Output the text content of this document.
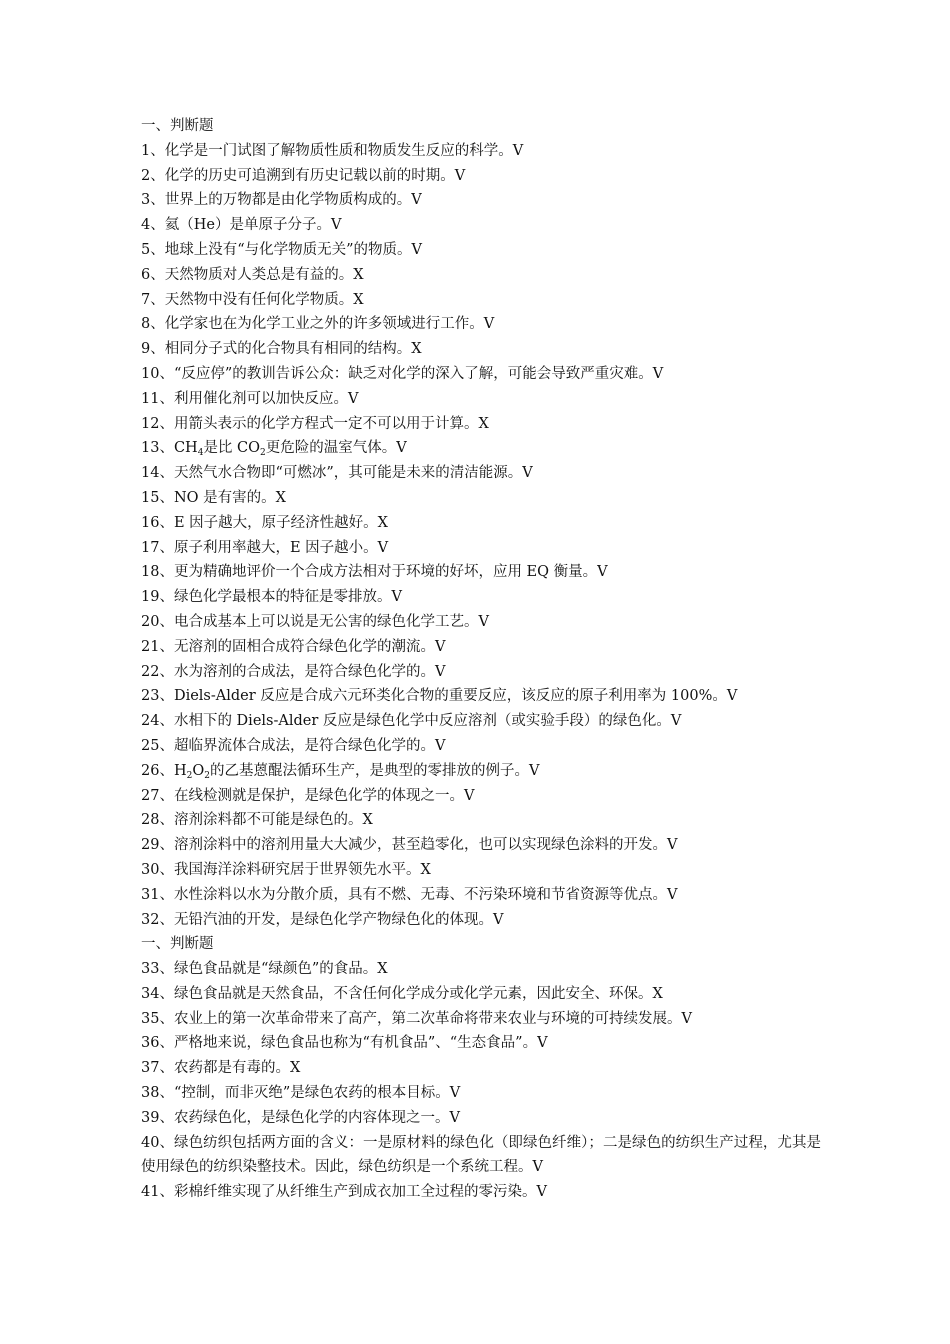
一、判断题
1、化学是一门试图了解物质性质和物质发生反应的科学。V
2、化学的历史可追溯到有历史记载以前的时期。V
3、世界上的万物都是由化学物质构成的。V
4、氦（He）是单原子分子。V
5、地球上没有“与化学物质无关”的物质。V
6、天然物质对人类总是有益的。X
7、天然物中没有任何化学物质。X
8、化学家也在为化学工业之外的许多领域进行工作。V
9、相同分子式的化合物具有相同的结构。X
10、“反应停”的教训告诉公众：缺乏对化学的深入了解，可能会导致严重灾难。V
11、利用催化剂可以加快反应。V
12、用箭头表示的化学方程式一定不可以用于计算。X
13、$CH_4$是比 $CO_2$更危险的温室气体。V
14、天然气水合物即“可燃冰”，其可能是未来的清洁能源。V
15、NO 是有害的。X
16、E 因子越大，原子经济性越好。X
17、原子利用率越大，E 因子越小。V
18、更为精确地评价一个合成方法相对于环境的好坏，应用 EQ 衡量。V
19、绿色化学最根本的特征是零排放。V
20、电合成基本上可以说是无公害的绿色化学工艺。V
21、无溶剂的固相合成符合绿色化学的潮流。V
22、水为溶剂的合成法，是符合绿色化学的。V
23、Diels-Alder 反应是合成六元环类化合物的重要反应，该反应的原子利用率为 100%。V
24、水相下的 Diels-Alder 反应是绿色化学中反应溶剂（或实验手段）的绿色化。V
25、超临界流体合成法，是符合绿色化学的。V
26、$H_2O_2$的乙基蒽醌法循环生产，是典型的零排放的例子。V
27、在线检测就是保护，是绿色化学的体现之一。V
28、溶剂涂料都不可能是绿色的。X
29、溶剂涂料中的溶剂用量大大减少，甚至趋零化，也可以实现绿色涂料的开发。V
30、我国海洋涂料研究居于世界领先水平。X
31、水性涂料以水为分散介质，具有不燃、无毒、不污染环境和节省资源等优点。V
32、无铅汽油的开发，是绿色化学产物绿色化的体现。V
一、判断题
33、绿色食品就是“绿颜色”的食品。X
34、绿色食品就是天然食品，不含任何化学成分或化学元素，因此安全、环保。X
35、农业上的第一次革命带来了高产，第二次革命将带来农业与环境的可持续发展。V
36、严格地来说，绿色食品也称为“有机食品”、“生态食品”。V
37、农药都是有毒的。X
38、“控制，而非灭绝”是绿色农药的根本目标。V
39、农药绿色化，是绿色化学的内容体现之一。V
40、绿色纺织包括两方面的含义：一是原材料的绿色化（即绿色纤维）；二是绿色的纺织生产过程，尤其是使用绿色的纺织染整技术。因此，绿色纺织是一个系统工程。V
41、彩棉纤维实现了从纤维生产到成衣加工全过程的零污染。V
